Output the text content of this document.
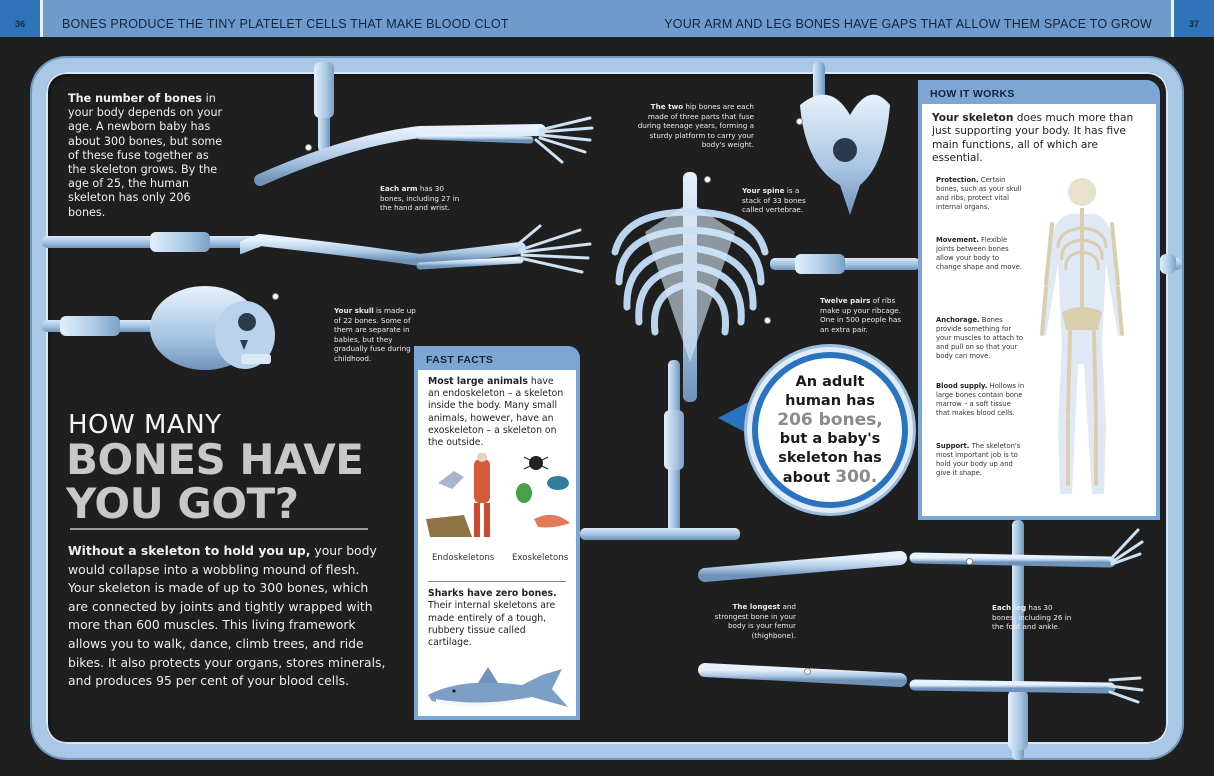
36	BONES PRODUCE THE TINY PLATELET CELLS THAT MAKE BLOOD CLOT	YOUR ARM AND LEG BONES HAVE GAPS THAT ALLOW THEM SPACE TO GROW	37
The number of bones in your body depends on your age. A newborn baby has about 300 bones, but some of these fuse together as the skeleton grows. By the age of 25, the human skeleton has only 206 bones.
Each arm has 30 bones, including 27 in the hand and wrist.
Your skull is made up of 22 bones. Some of them are separate in babies, but they gradually fuse during childhood.
HOW MANY
BONES HAVE YOU GOT?
Without a skeleton to hold you up, your body would collapse into a wobbling mound of flesh. Your skeleton is made of up to 300 bones, which are connected by joints and tightly wrapped with more than 600 muscles. This living framework allows you to walk, dance, climb trees, and ride bikes. It also protects your organs, stores minerals, and produces 95 per cent of your blood cells.
The two hip bones are each made of three parts that fuse during teenage years, forming a sturdy platform to carry your body's weight.
Your spine is a stack of 33 bones called vertebrae.
Twelve pairs of ribs make up your ribcage. One in 500 people has an extra pair.
An adult
human has
206 bones,
but a baby's
skeleton has
about 300.
The longest and strongest bone in your body is your femur (thighbone).
Each leg has 30 bones, including 26 in the foot and ankle.
FAST FACTS
Most large animals have an endoskeleton – a skeleton inside the body. Many small animals, however, have an exoskeleton – a skeleton on the outside.
Endoskeletons Exoskeletons
Sharks have zero bones. Their internal skeletons are made entirely of a tough, rubbery tissue called cartilage.
HOW IT WORKS
Your skeleton does much more than just supporting your body. It has five main functions, all of which are essential.
Protection. Certain bones, such as your skull and ribs, protect vital internal organs.
Movement. Flexible joints between bones allow your body to change shape and move.
Anchorage. Bones provide something for your muscles to attach to and pull on so that your body can move.
Blood supply. Hollows in large bones contain bone marrow – a soft tissue that makes blood cells.
Support. The skeleton's most important job is to hold your body up and give it shape.
